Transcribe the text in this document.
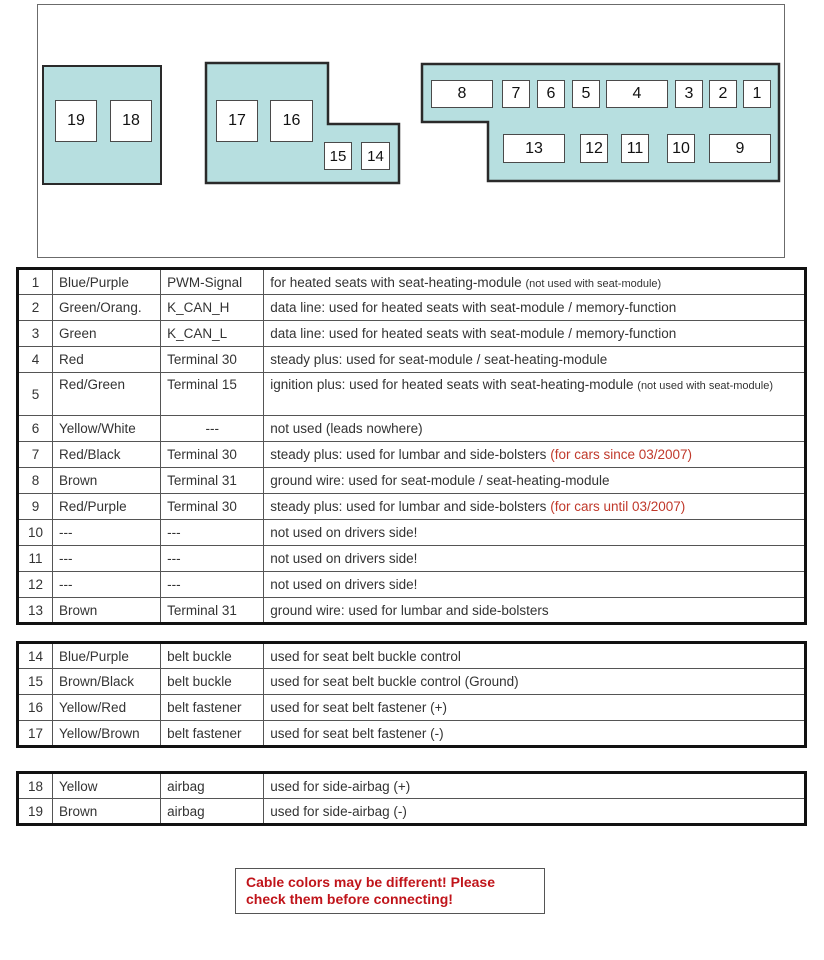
19	18	17	16
15	14
8	7	6	5	4	3	2	1
13	12	11	10	9
1	Blue/Purple	PWM-Signal	for heated seats with seat-heating-module (not used with seat-module)
2	Green/Orang.	K_CAN_H	data line: used for heated seats with seat-module / memory-function
3	Green	K_CAN_L	data line: used for heated seats with seat-module / memory-function
4	Red	Terminal 30	steady plus: used for seat-module / seat-heating-module
5	Red/Green	Terminal 15	ignition plus: used for heated seats with seat-heating-module (not used with seat-module)
6	Yellow/White	---	not used (leads nowhere)
7	Red/Black	Terminal 30	steady plus: used for lumbar and side-bolsters (for cars since 03/2007)
8	Brown	Terminal 31	ground wire: used for seat-module / seat-heating-module
9	Red/Purple	Terminal 30	steady plus: used for lumbar and side-bolsters (for cars until 03/2007)
10	---	---	not used on drivers side!
11	---	---	not used on drivers side!
12	---	---	not used on drivers side!
13	Brown	Terminal 31	ground wire: used for lumbar and side-bolsters
14	Blue/Purple	belt buckle	used for seat belt buckle control
15	Brown/Black	belt buckle	used for seat belt buckle control (Ground)
16	Yellow/Red	belt fastener	used for seat belt fastener (+)
17	Yellow/Brown	belt fastener	used for seat belt fastener (-)
18	Yellow	airbag	used for side-airbag (+)
19	Brown	airbag	used for side-airbag (-)
Cable colors may be different! Please check them before connecting!
